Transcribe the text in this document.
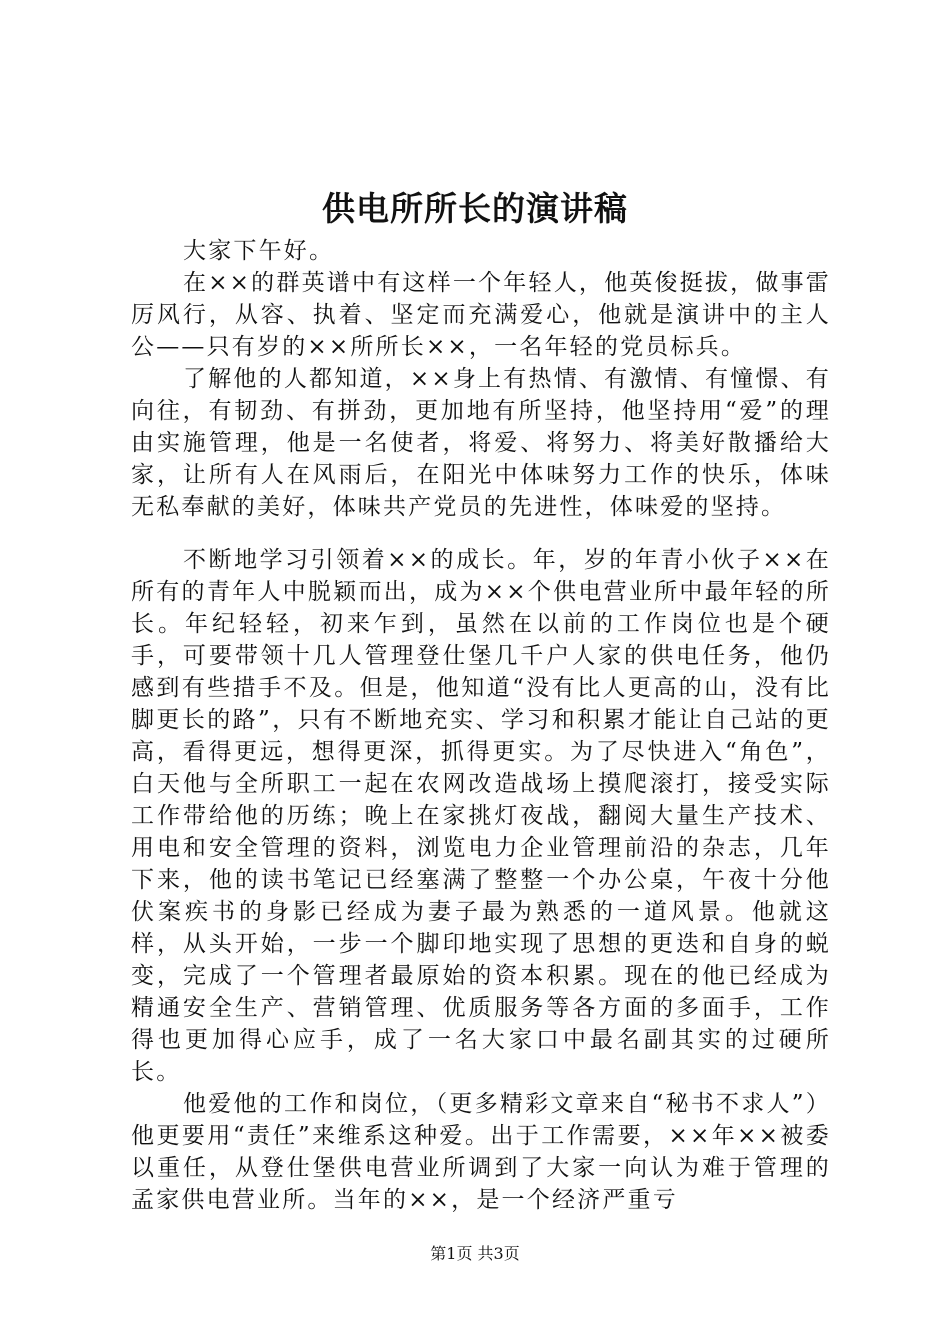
供电所所长的演讲稿

大家下午好。

在××的群英谱中有这样一个年轻人，他英俊挺拔，做事雷厉风行，从容、执着、坚定而充满爱心，他就是演讲中的主人公——只有岁的××所所长××，一名年轻的党员标兵。

了解他的人都知道，××身上有热情、有激情、有憧憬、有向往，有韧劲、有拼劲，更加地有所坚持，他坚持用“爱”的理由实施管理，他是一名使者，将爱、将努力、将美好散播给大家，让所有人在风雨后，在阳光中体味努力工作的快乐，体味无私奉献的美好，体味共产党员的先进性，体味爱的坚持。

不断地学习引领着××的成长。年，岁的年青小伙子××在所有的青年人中脱颖而出，成为××个供电营业所中最年轻的所长。年纪轻轻，初来乍到，虽然在以前的工作岗位也是个硬手，可要带领十几人管理登仕堡几千户人家的供电任务，他仍感到有些措手不及。但是，他知道“没有比人更高的山，没有比脚更长的路”，只有不断地充实、学习和积累才能让自己站的更高，看得更远，想得更深，抓得更实。为了尽快进入“角色”，白天他与全所职工一起在农网改造战场上摸爬滚打，接受实际工作带给他的历练；晚上在家挑灯夜战，翻阅大量生产技术、用电和安全管理的资料，浏览电力企业管理前沿的杂志，几年下来，他的读书笔记已经塞满了整整一个办公桌，午夜十分他伏案疾书的身影已经成为妻子最为熟悉的一道风景。他就这样，从头开始，一步一个脚印地实现了思想的更迭和自身的蜕变，完成了一个管理者最原始的资本积累。现在的他已经成为精通安全生产、营销管理、优质服务等各方面的多面手，工作得也更加得心应手，成了一名大家口中最名副其实的过硬所长。

他爱他的工作和岗位，（更多精彩文章来自“秘书不求人”）他更要用“责任”来维系这种爱。出于工作需要，××年××被委以重任，从登仕堡供电营业所调到了大家一向认为难于管理的孟家供电营业所。当年的××，是一个经济严重亏

第1页 共3页
